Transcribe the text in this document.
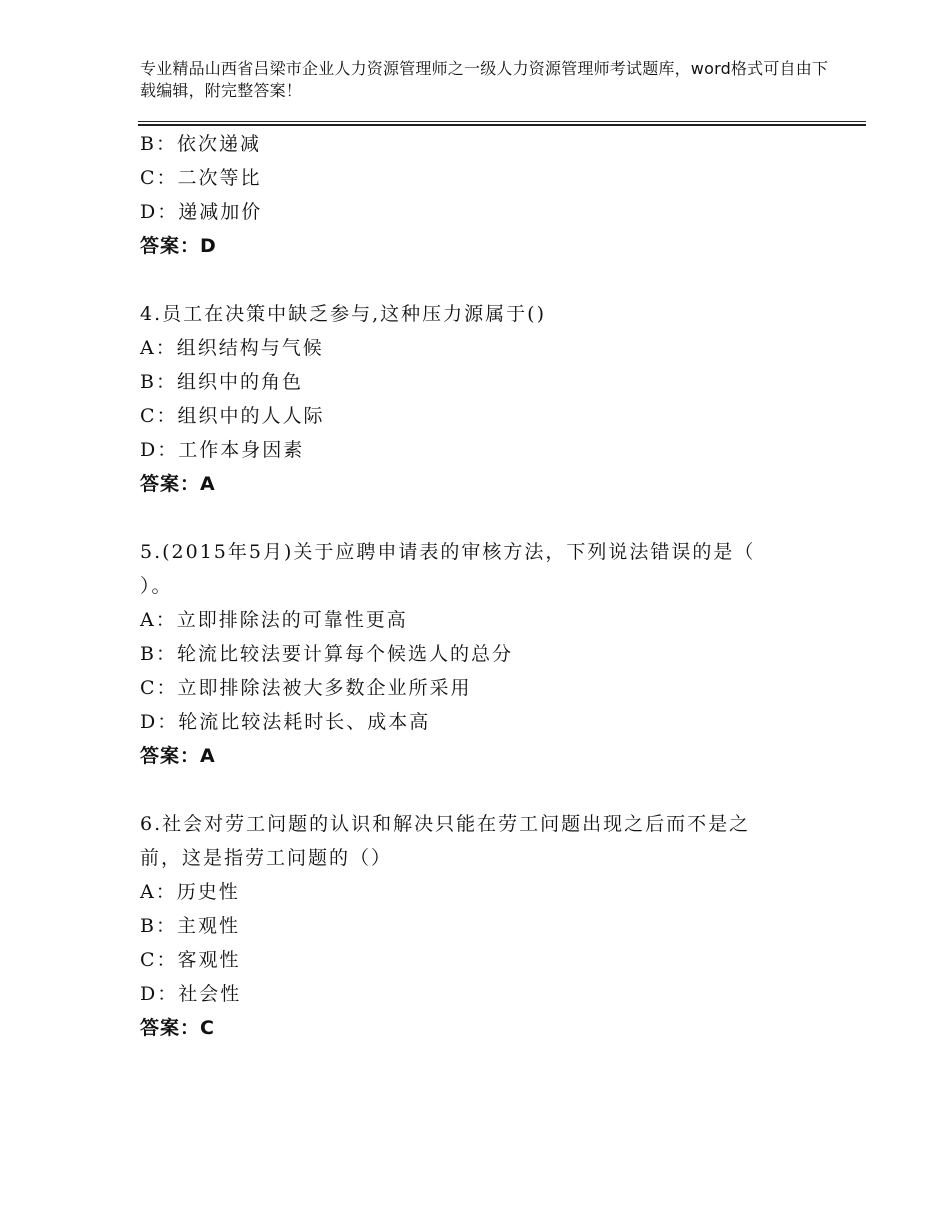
专业精品山西省吕梁市企业人力资源管理师之一级人力资源管理师考试题库，word格式可自由下载编辑，附完整答案！
B：依次递减
C：二次等比
D：递减加价
答案：D
4.员工在决策中缺乏参与,这种压力源属于()
A：组织结构与气候
B：组织中的角色
C：组织中的人人际
D：工作本身因素
答案：A
5.(2015年5月)关于应聘申请表的审核方法，下列说法错误的是（
）。
A：立即排除法的可靠性更高
B：轮流比较法要计算每个候选人的总分
C：立即排除法被大多数企业所采用
D：轮流比较法耗时长、成本高
答案：A
6.社会对劳工问题的认识和解决只能在劳工问题出现之后而不是之
前，这是指劳工问题的（）
A：历史性
B：主观性
C：客观性
D：社会性
答案：C
